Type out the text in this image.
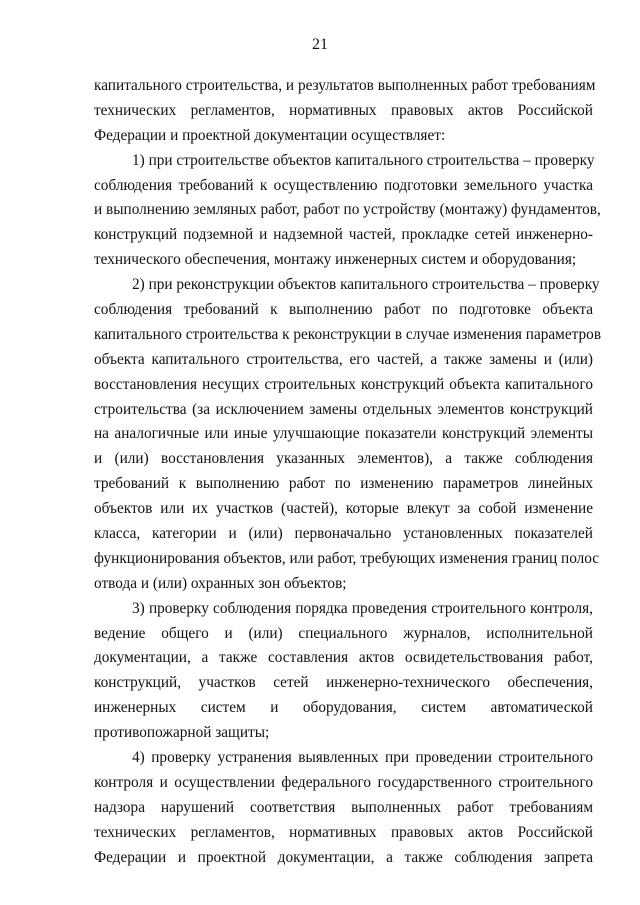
21
капитального строительства, и результатов выполненных работ требованиям
технических регламентов, нормативных правовых актов Российской
Федерации и проектной документации осуществляет:
1) при строительстве объектов капитального строительства – проверку
соблюдения требований к осуществлению подготовки земельного участка
и выполнению земляных работ, работ по устройству (монтажу) фундаментов,
конструкций подземной и надземной частей, прокладке сетей инженерно-
технического обеспечения, монтажу инженерных систем и оборудования;
2) при реконструкции объектов капитального строительства – проверку
соблюдения требований к выполнению работ по подготовке объекта
капитального строительства к реконструкции в случае изменения параметров
объекта капитального строительства, его частей, а также замены и (или)
восстановления несущих строительных конструкций объекта капитального
строительства (за исключением замены отдельных элементов конструкций
на аналогичные или иные улучшающие показатели конструкций элементы
и (или) восстановления указанных элементов), а также соблюдения
требований к выполнению работ по изменению параметров линейных
объектов или их участков (частей), которые влекут за собой изменение
класса, категории и (или) первоначально установленных показателей
функционирования объектов, или работ, требующих изменения границ полос
отвода и (или) охранных зон объектов;
3) проверку соблюдения порядка проведения строительного контроля,
ведение общего и (или) специального журналов, исполнительной
документации, а также составления актов освидетельствования работ,
конструкций, участков сетей инженерно-технического обеспечения,
инженерных систем и оборудования, систем автоматической
противопожарной защиты;
4) проверку устранения выявленных при проведении строительного
контроля и осуществлении федерального государственного строительного
надзора нарушений соответствия выполненных работ требованиям
технических регламентов, нормативных правовых актов Российской
Федерации и проектной документации, а также соблюдения запрета
